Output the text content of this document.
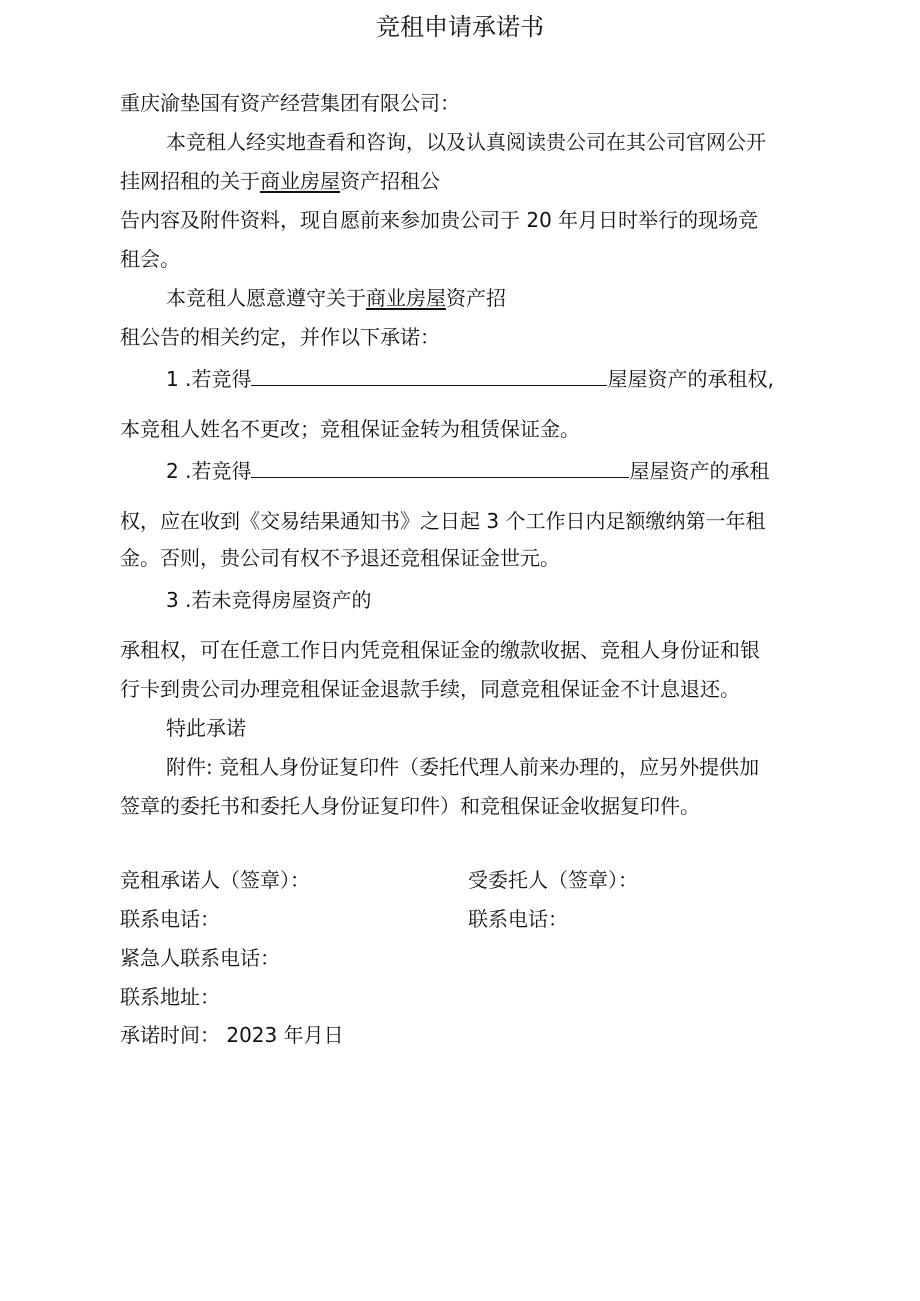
竞租申请承诺书
重庆渝垫国有资产经营集团有限公司：
本竞租人经实地查看和咨询，以及认真阅读贵公司在其公司官网公开
挂网招租的关于商业房屋资产招租公
告内容及附件资料，现自愿前来参加贵公司于 20 年月日时举行的现场竞
租会。
本竞租人愿意遵守关于商业房屋资产招
租公告的相关约定，并作以下承诺：
1 .若竞得	屋屋资产的承租权,
本竞租人姓名不更改；竞租保证金转为租赁保证金。
2 .若竞得	屋屋资产的承租
权，应在收到《交易结果通知书》之日起 3 个工作日内足额缴纳第一年租
金。否则，贵公司有权不予退还竞租保证金世元。
3 .若未竞得房屋资产的
承租权，可在任意工作日内凭竞租保证金的缴款收据、竞租人身份证和银
行卡到贵公司办理竞租保证金退款手续，同意竞租保证金不计息退还。
特此承诺
附件: 竞租人身份证复印件（委托代理人前来办理的，应另外提供加
签章的委托书和委托人身份证复印件）和竞租保证金收据复印件。
竞租承诺人（签章）：	受委托人（签章）：
联系电话：	联系电话：
紧急人联系电话：
联系地址：
承诺时间： 2023 年月日
